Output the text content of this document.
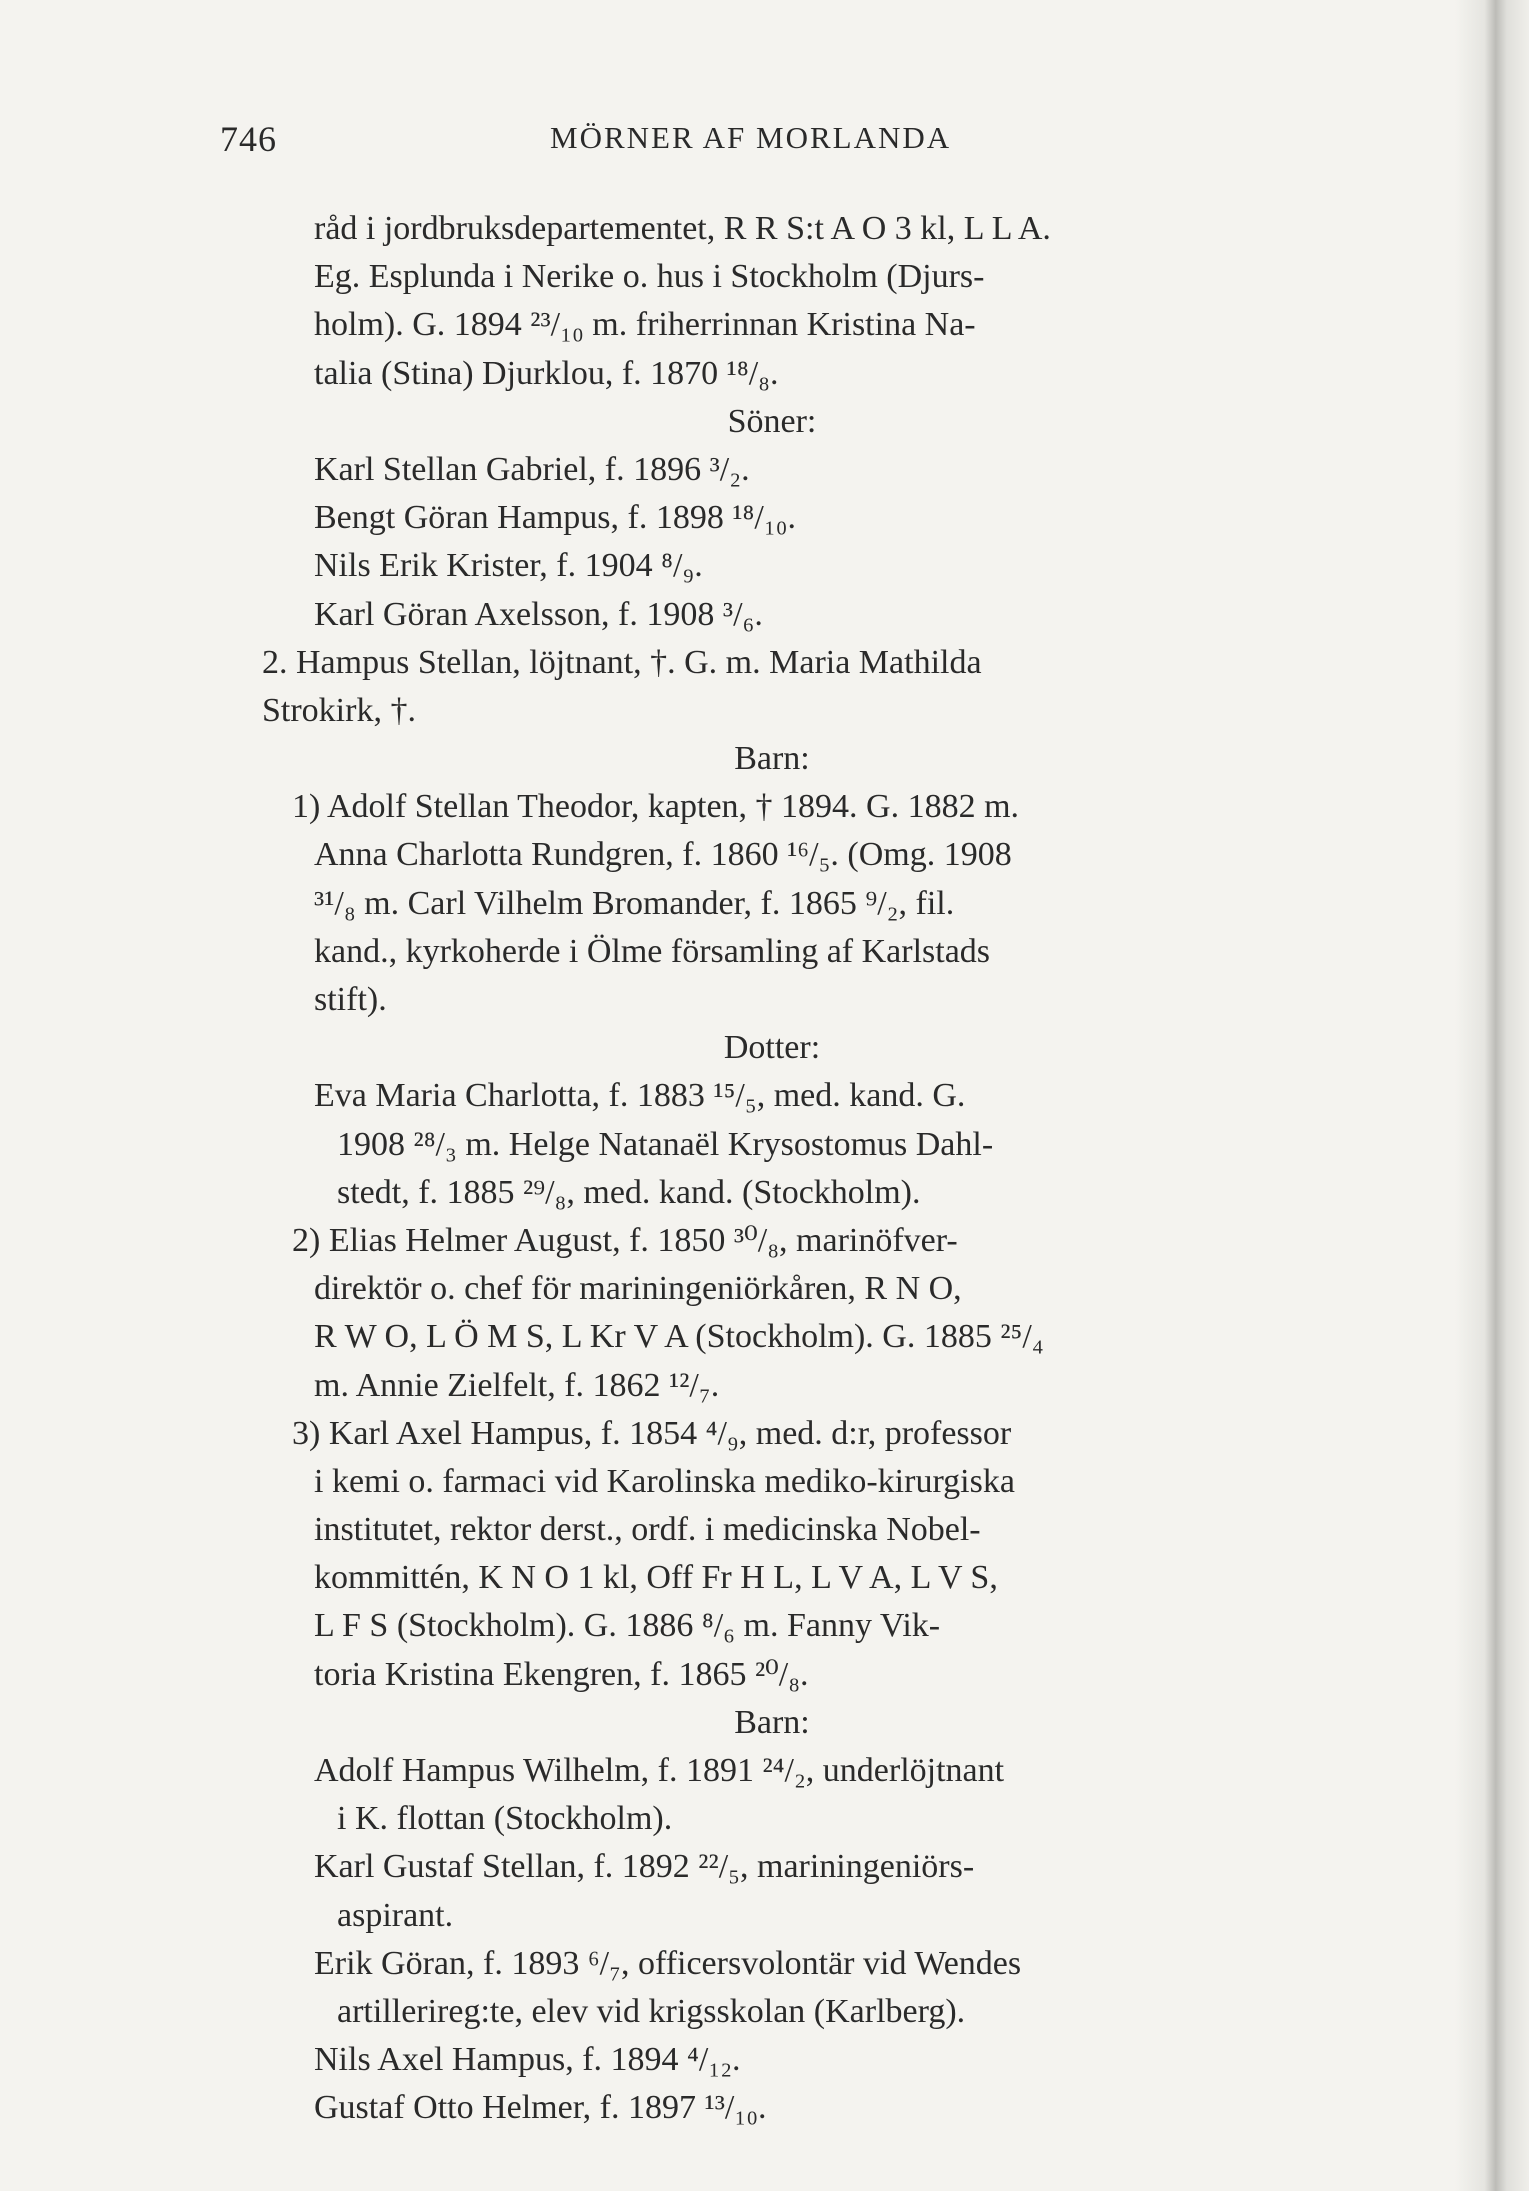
746	MÖRNER AF MORLANDA
råd i jordbruksdepartementet, R R S:t A O 3 kl, L L A.
Eg. Esplunda i Nerike o. hus i Stockholm (Djurs-
holm). G. 1894 ²³/₁₀ m. friherrinnan Kristina Na-
talia (Stina) Djurklou, f. 1870 ¹⁸/₈.
Söner:
Karl Stellan Gabriel, f. 1896 ³/₂.
Bengt Göran Hampus, f. 1898 ¹⁸/₁₀.
Nils Erik Krister, f. 1904 ⁸/₉.
Karl Göran Axelsson, f. 1908 ³/₆.
2. Hampus Stellan, löjtnant, †. G. m. Maria Mathilda
Strokirk, †.
Barn:
1) Adolf Stellan Theodor, kapten, † 1894. G. 1882 m.
Anna Charlotta Rundgren, f. 1860 ¹⁶/₅. (Omg. 1908
³¹/₈ m. Carl Vilhelm Bromander, f. 1865 ⁹/₂, fil.
kand., kyrkoherde i Ölme församling af Karlstads
stift).
Dotter:
Eva Maria Charlotta, f. 1883 ¹⁵/₅, med. kand. G.
1908 ²⁸/₃ m. Helge Natanaël Krysostomus Dahl-
stedt, f. 1885 ²⁹/₈, med. kand. (Stockholm).
2) Elias Helmer August, f. 1850 ³⁰/₈, marinöfver-
direktör o. chef för mariningeniörkåren, R N O,
R W O, L Ö M S, L Kr V A (Stockholm). G. 1885 ²⁵/₄
m. Annie Zielfelt, f. 1862 ¹²/₇.
3) Karl Axel Hampus, f. 1854 ⁴/₉, med. d:r, professor
i kemi o. farmaci vid Karolinska mediko-kirurgiska
institutet, rektor derst., ordf. i medicinska Nobel-
kommittén, K N O 1 kl, Off Fr H L, L V A, L V S,
L F S (Stockholm). G. 1886 ⁸/₆ m. Fanny Vik-
toria Kristina Ekengren, f. 1865 ²⁰/₈.
Barn:
Adolf Hampus Wilhelm, f. 1891 ²⁴/₂, underlöjtnant
i K. flottan (Stockholm).
Karl Gustaf Stellan, f. 1892 ²²/₅, mariningeniörs-
aspirant.
Erik Göran, f. 1893 ⁶/₇, officersvolontär vid Wendes
artillerireg:te, elev vid krigsskolan (Karlberg).
Nils Axel Hampus, f. 1894 ⁴/₁₂.
Gustaf Otto Helmer, f. 1897 ¹³/₁₀.
